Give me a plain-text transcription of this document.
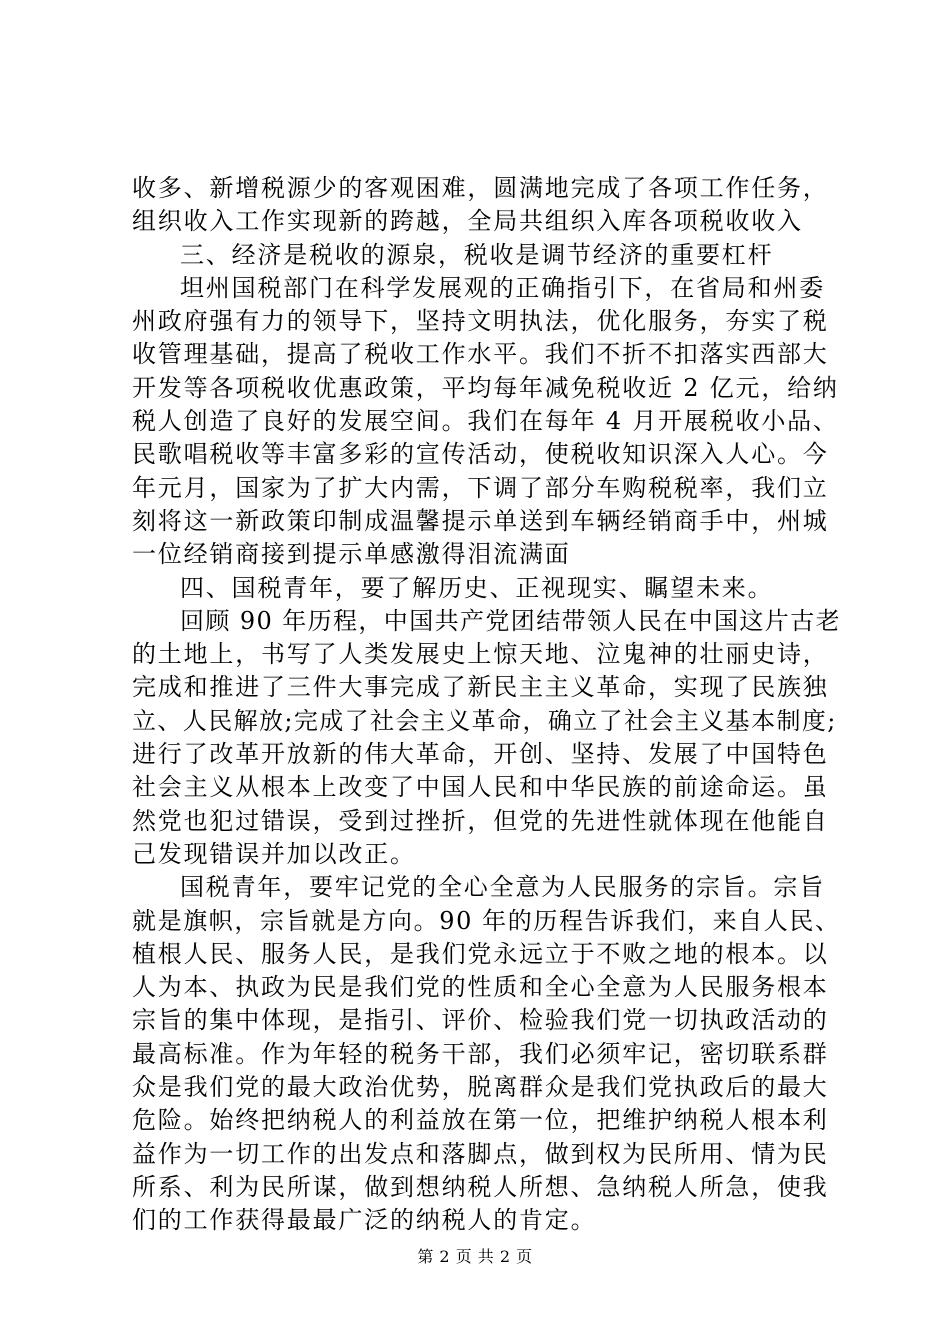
收多、新增税源少的客观困难，圆满地完成了各项工作任务，
组织收入工作实现新的跨越，全局共组织入库各项税收收入
三、经济是税收的源泉，税收是调节经济的重要杠杆
坦州国税部门在科学发展观的正确指引下，在省局和州委
州政府强有力的领导下，坚持文明执法，优化服务，夯实了税
收管理基础，提高了税收工作水平。我们不折不扣落实西部大
开发等各项税收优惠政策，平均每年减免税收近 2 亿元，给纳
税人创造了良好的发展空间。我们在每年 4 月开展税收小品、
民歌唱税收等丰富多彩的宣传活动，使税收知识深入人心。今
年元月，国家为了扩大内需，下调了部分车购税税率，我们立
刻将这一新政策印制成温馨提示单送到车辆经销商手中，州城
一位经销商接到提示单感激得泪流满面
四、国税青年，要了解历史、正视现实、瞩望未来。
回顾 90 年历程，中国共产党团结带领人民在中国这片古老
的土地上，书写了人类发展史上惊天地、泣鬼神的壮丽史诗，
完成和推进了三件大事完成了新民主主义革命，实现了民族独
立、人民解放;完成了社会主义革命，确立了社会主义基本制度;
进行了改革开放新的伟大革命，开创、坚持、发展了中国特色
社会主义从根本上改变了中国人民和中华民族的前途命运。虽
然党也犯过错误，受到过挫折，但党的先进性就体现在他能自
己发现错误并加以改正。
国税青年，要牢记党的全心全意为人民服务的宗旨。宗旨
就是旗帜，宗旨就是方向。90 年的历程告诉我们，来自人民、
植根人民、服务人民，是我们党永远立于不败之地的根本。以
人为本、执政为民是我们党的性质和全心全意为人民服务根本
宗旨的集中体现，是指引、评价、检验我们党一切执政活动的
最高标准。作为年轻的税务干部，我们必须牢记，密切联系群
众是我们党的最大政治优势，脱离群众是我们党执政后的最大
危险。始终把纳税人的利益放在第一位，把维护纳税人根本利
益作为一切工作的出发点和落脚点，做到权为民所用、情为民
所系、利为民所谋，做到想纳税人所想、急纳税人所急，使我
们的工作获得最最广泛的纳税人的肯定。
第 2 页 共 2 页
